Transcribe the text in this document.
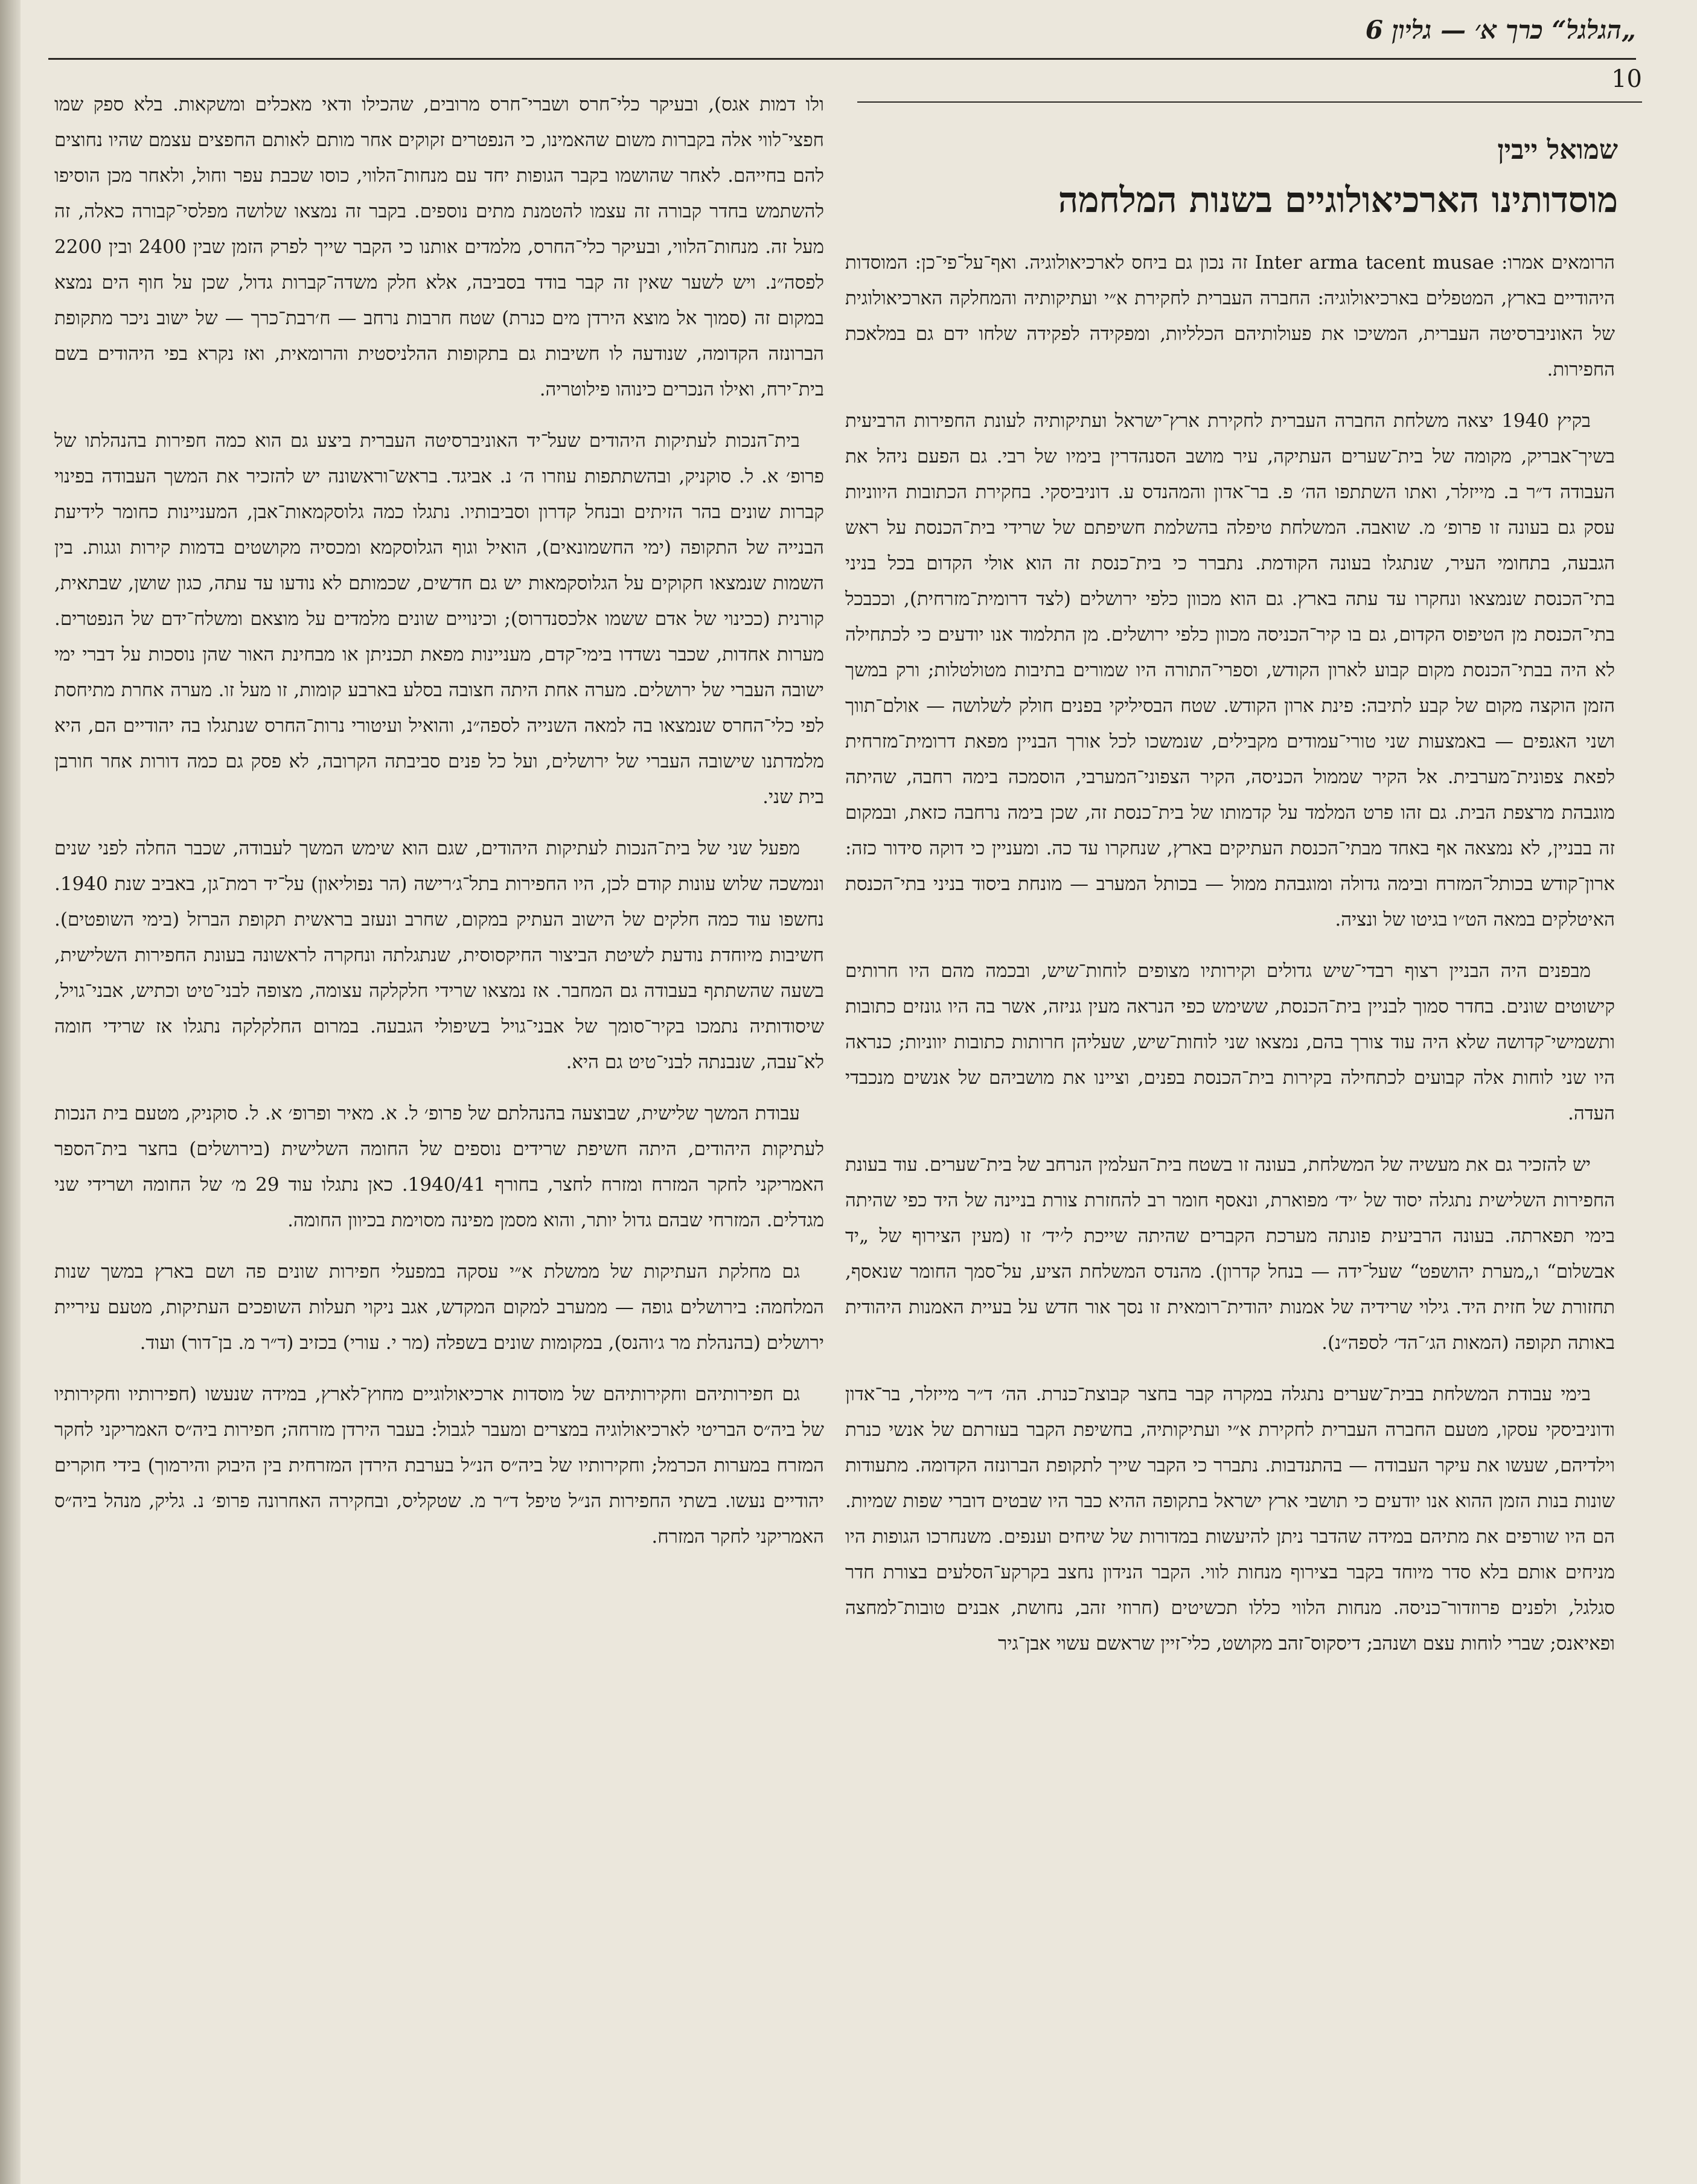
„הגלגל“ כרך א׳ — גליון 6
10
שמואל ייבין
מוסדותינו הארכיאולוגיים בשנות המלחמה

הרומאים אמרו: Inter arma tacent musae זה נכון גם ביחס לארכיאולוגיה. ואף־על־פי־כן: המוסדות היהודיים בארץ, המטפלים בארכיאולוגיה: החברה העברית לחקירת א״י ועתיקותיה והמחלקה הארכיאולוגית של האוניברסיטה העברית, המשיכו את פעולותיהם הכלליות, ומפקידה לפקידה שלחו ידם גם במלאכת החפירות.

בקיץ 1940 יצאה משלחת החברה העברית לחקירת ארץ־ישראל ועתיקותיה לעונת החפירות הרביעית בשיך־אבריק, מקומה של בית־שערים העתיקה, עיר מושב הסנהדרין בימיו של רבי. גם הפעם ניהל את העבודה ד״ר ב. מייזלר, ואתו השתתפו הה׳ פ. בר־אדון והמהנדס ע. דוניביסקי. בחקירת הכתובות היווניות עסק גם בעונה זו פרופ׳ מ. שואבה. המשלחת טיפלה בהשלמת חשיפתם של שרידי בית־הכנסת על ראש הגבעה, בתחומי העיר, שנתגלו בעונה הקודמת. נתברר כי בית־כנסת זה הוא אולי הקדום בכל בניני בתי־הכנסת שנמצאו ונחקרו עד עתה בארץ. גם הוא מכוון כלפי ירושלים (לצד דרומית־מזרחית), וככבכל בתי־הכנסת מן הטיפוס הקדום, גם בו קיר־הכניסה מכוון כלפי ירושלים. מן התלמוד אנו יודעים כי לכתחילה לא היה בבתי־הכנסת מקום קבוע לארון הקודש, וספרי־התורה היו שמורים בתיבות מטולטלות; ורק במשך הזמן הוקצה מקום של קבע לתיבה: פינת ארון הקודש. שטח הבסיליקי בפנים חולק לשלושה — אולם־תווך ושני האגפים — באמצעות שני טורי־עמודים מקבילים, שנמשכו לכל אורך הבניין מפאת דרומית־מזרחית לפאת צפונית־מערבית. אל הקיר שממול הכניסה, הקיר הצפוני־המערבי, הוסמכה בימה רחבה, שהיתה מוגבהת מרצפת הבית. גם זהו פרט המלמד על קדמותו של בית־כנסת זה, שכן בימה נרחבה כזאת, ובמקום זה בבניין, לא נמצאה אף באחד מבתי־הכנסת העתיקים בארץ, שנחקרו עד כה. ומעניין כי דוקה סידור כזה: ארון־קודש בכותל־המזרח ובימה גדולה ומוגבהת ממול — בכותל המערב — מונחת ביסוד בניני בתי־הכנסת האיטלקים במאה הט״ו בגיטו של ונציה.

מבפנים היה הבניין רצוף רבדי־שיש גדולים וקירותיו מצופים לוחות־שיש, ובכמה מהם היו חרותים קישוטים שונים. בחדר סמוך לבניין בית־הכנסת, ששימש כפי הנראה מעין גניזה, אשר בה היו גונזים כתובות ותשמישי־קדושה שלא היה עוד צורך בהם, נמצאו שני לוחות־שיש, שעליהן חרותות כתובות יווניות; כנראה היו שני לוחות אלה קבועים לכתחילה בקירות בית־הכנסת בפנים, וציינו את מושביהם של אנשים מנכבדי העדה.

יש להזכיר גם את מעשיה של המשלחת, בעונה זו בשטח בית־העלמין הנרחב של בית־שערים. עוד בעונת החפירות השלישית נתגלה יסוד של ׳יד׳ מפוארת, ונאסף חומר רב להחזרת צורת בניינה של היד כפי שהיתה בימי תפארתה. בעונה הרביעית פונתה מערכת הקברים שהיתה שייכת ל׳יד׳ זו (מעין הצירוף של „יד אבשלום“ ו„מערת יהושפט“ שעל־ידה — בנחל קדרון). מהנדס המשלחת הציע, על־סמך החומר שנאסף, תחזורת של חזית היד. גילוי שרידיה של אמנות יהודית־רומאית זו נסך אור חדש על בעיית האמנות היהודית באותה תקופה (המאות הג׳־הד׳ לספה״נ).

בימי עבודת המשלחת בבית־שערים נתגלה במקרה קבר בחצר קבוצת־כנרת. הה׳ ד״ר מייזלר, בר־אדון ודוניביסקי עסקו, מטעם החברה העברית לחקירת א״י ועתיקותיה, בחשיפת הקבר בעזרתם של אנשי כנרת וילדיהם, שעשו את עיקר העבודה — בהתנדבות. נתברר כי הקבר שייך לתקופת הברונזה הקדומה. מתעודות שונות בנות הזמן ההוא אנו יודעים כי תושבי ארץ ישראל בתקופה ההיא כבר היו שבטים דוברי שפות שמיות. הם היו שורפים את מתיהם במידה שהדבר ניתן להיעשות במדורות של שיחים וענפים. משנחרכו הגופות היו מניחים אותם בלא סדר מיוחד בקבר בצירוף מנחות לווי. הקבר הנידון נחצב בקרקע־הסלעים בצורת חדר סגלגל, ולפנים פרוזדור־כניסה. מנחות הלווי כללו תכשיטים (חרוזי זהב, נחושת, אבנים טובות־למחצה ופאיאנס; שברי לוחות עצם ושנהב; דיסקוס־זהב מקושט, כלי־זיין שראשם עשוי אבן־גיר

ולו דמות אגס), ובעיקר כלי־חרס ושברי־חרס מרובים, שהכילו ודאי מאכלים ומשקאות. בלא ספק שמו חפצי־לווי אלה בקברות משום שהאמינו, כי הנפטרים זקוקים אחר מותם לאותם החפצים עצמם שהיו נחוצים להם בחייהם. לאחר שהושמו בקבר הגופות יחד עם מנחות־הלווי, כוסו שכבת עפר וחול, ולאחר מכן הוסיפו להשתמש בחדר קבורה זה עצמו להטמנת מתים נוספים. בקבר זה נמצאו שלושה מפלסי־קבורה כאלה, זה מעל זה. מנחות־הלווי, ובעיקר כלי־החרס, מלמדים אותנו כי הקבר שייך לפרק הזמן שבין 2400 ובין 2200 לפסה״נ. ויש לשער שאין זה קבר בודד בסביבה, אלא חלק משדה־קברות גדול, שכן על חוף הים נמצא במקום זה (סמוך אל מוצא הירדן מים כנרת) שטח חרבות נרחב — ח׳רבת־כרך — של ישוב ניכר מתקופת הברונזה הקדומה, שנודעה לו חשיבות גם בתקופות ההלניסטית והרומאית, ואז נקרא בפי היהודים בשם בית־ירח, ואילו הנכרים כינוהו פילוטריה.

בית־הנכות לעתיקות היהודים שעל־יד האוניברסיטה העברית ביצע גם הוא כמה חפירות בהנהלתו של פרופ׳ א. ל. סוקניק, ובהשתתפות עוזרו ה׳ נ. אביגד. בראש־וראשונה יש להזכיר את המשך העבודה בפינוי קברות שונים בהר הזיתים ובנחל קדרון וסביבותיו. נתגלו כמה גלוסקמאות־אבן, המעניינות כחומר לידיעת הבנייה של התקופה (ימי החשמונאים), הואיל וגוף הגלוסקמא ומכסיה מקושטים בדמות קירות וגגות. בין השמות שנמצאו חקוקים על הגלוסקמאות יש גם חדשים, שכמותם לא נודעו עד עתה, כגון שושן, שבתאית, קורנית (ככינוי של אדם ששמו אלכסנדרוס); וכינויים שונים מלמדים על מוצאם ומשלח־ידם של הנפטרים. מערות אחדות, שכבר נשדדו בימי־קדם, מעניינות מפאת תכניתן או מבחינת האור שהן נוסכות על דברי ימי ישובה העברי של ירושלים. מערה אחת היתה חצובה בסלע בארבע קומות, זו מעל זו. מערה אחרת מתיחסת לפי כלי־החרס שנמצאו בה למאה השנייה לספה״נ, והואיל ועיטורי נרות־החרס שנתגלו בה יהודיים הם, היא מלמדתנו שישובה העברי של ירושלים, ועל כל פנים סביבתה הקרובה, לא פסק גם כמה דורות אחר חורבן בית שני.

מפעל שני של בית־הנכות לעתיקות היהודים, שגם הוא שימש המשך לעבודה, שכבר החלה לפני שנים ונמשכה שלוש עונות קודם לכן, היו החפירות בתל־ג׳רישה (הר נפוליאון) על־יד רמת־גן, באביב שנת 1940. נחשפו עוד כמה חלקים של הישוב העתיק במקום, שחרב ונעזב בראשית תקופת הברזל (בימי השופטים). חשיבות מיוחדת נודעת לשיטת הביצור החיקסוסית, שנתגלתה ונחקרה לראשונה בעונת החפירות השלישית, בשעה שהשתתף בעבודה גם המחבר. אז נמצאו שרידי חלקלקה עצומה, מצופה לבני־טיט וכתיש, אבני־גויל, שיסודותיה נתמכו בקיר־סומך של אבני־גויל בשיפולי הגבעה. במרום החלקלקה נתגלו אז שרידי חומה לא־עבה, שנבנתה לבני־טיט גם היא.

עבודת המשך שלישית, שבוצעה בהנהלתם של פרופ׳ ל. א. מאיר ופרופ׳ א. ל. סוקניק, מטעם בית הנכות לעתיקות היהודים, היתה חשיפת שרידים נוספים של החומה השלישית (בירושלים) בחצר בית־הספר האמריקני לחקר המזרח ומזרח לחצר, בחורף 1940/41. כאן נתגלו עוד 29 מ׳ של החומה ושרידי שני מגדלים. המזרחי שבהם גדול יותר, והוא מסמן מפינה מסוימת בכיוון החומה.

גם מחלקת העתיקות של ממשלת א״י עסקה במפעלי חפירות שונים פה ושם בארץ במשך שנות המלחמה: בירושלים גופה — ממערב למקום המקדש, אגב ניקוי תעלות השופכים העתיקות, מטעם עיריית ירושלים (בהנהלת מר ג׳והנס), במקומות שונים בשפלה (מר י. עורי) בכזיב (ד״ר מ. בן־דור) ועוד.

גם חפירותיהם וחקירותיהם של מוסדות ארכיאולוגיים מחוץ־לארץ, במידה שנעשו (חפירותיו וחקירותיו של ביה״ס הבריטי לארכיאולוגיה במצרים ומעבר לגבול: בעבר הירדן מזרחה; חפירות ביה״ס האמריקני לחקר המזרח במערות הכרמל; וחקירותיו של ביה״ס הנ״ל בערבת הירדן המזרחית בין היבוק והירמוך) בידי חוקרים יהודיים נעשו. בשתי החפירות הנ״ל טיפל ד״ר מ. שטקליס, ובחקירה האחרונה פרופ׳ נ. גליק, מנהל ביה״ס האמריקני לחקר המזרח.
